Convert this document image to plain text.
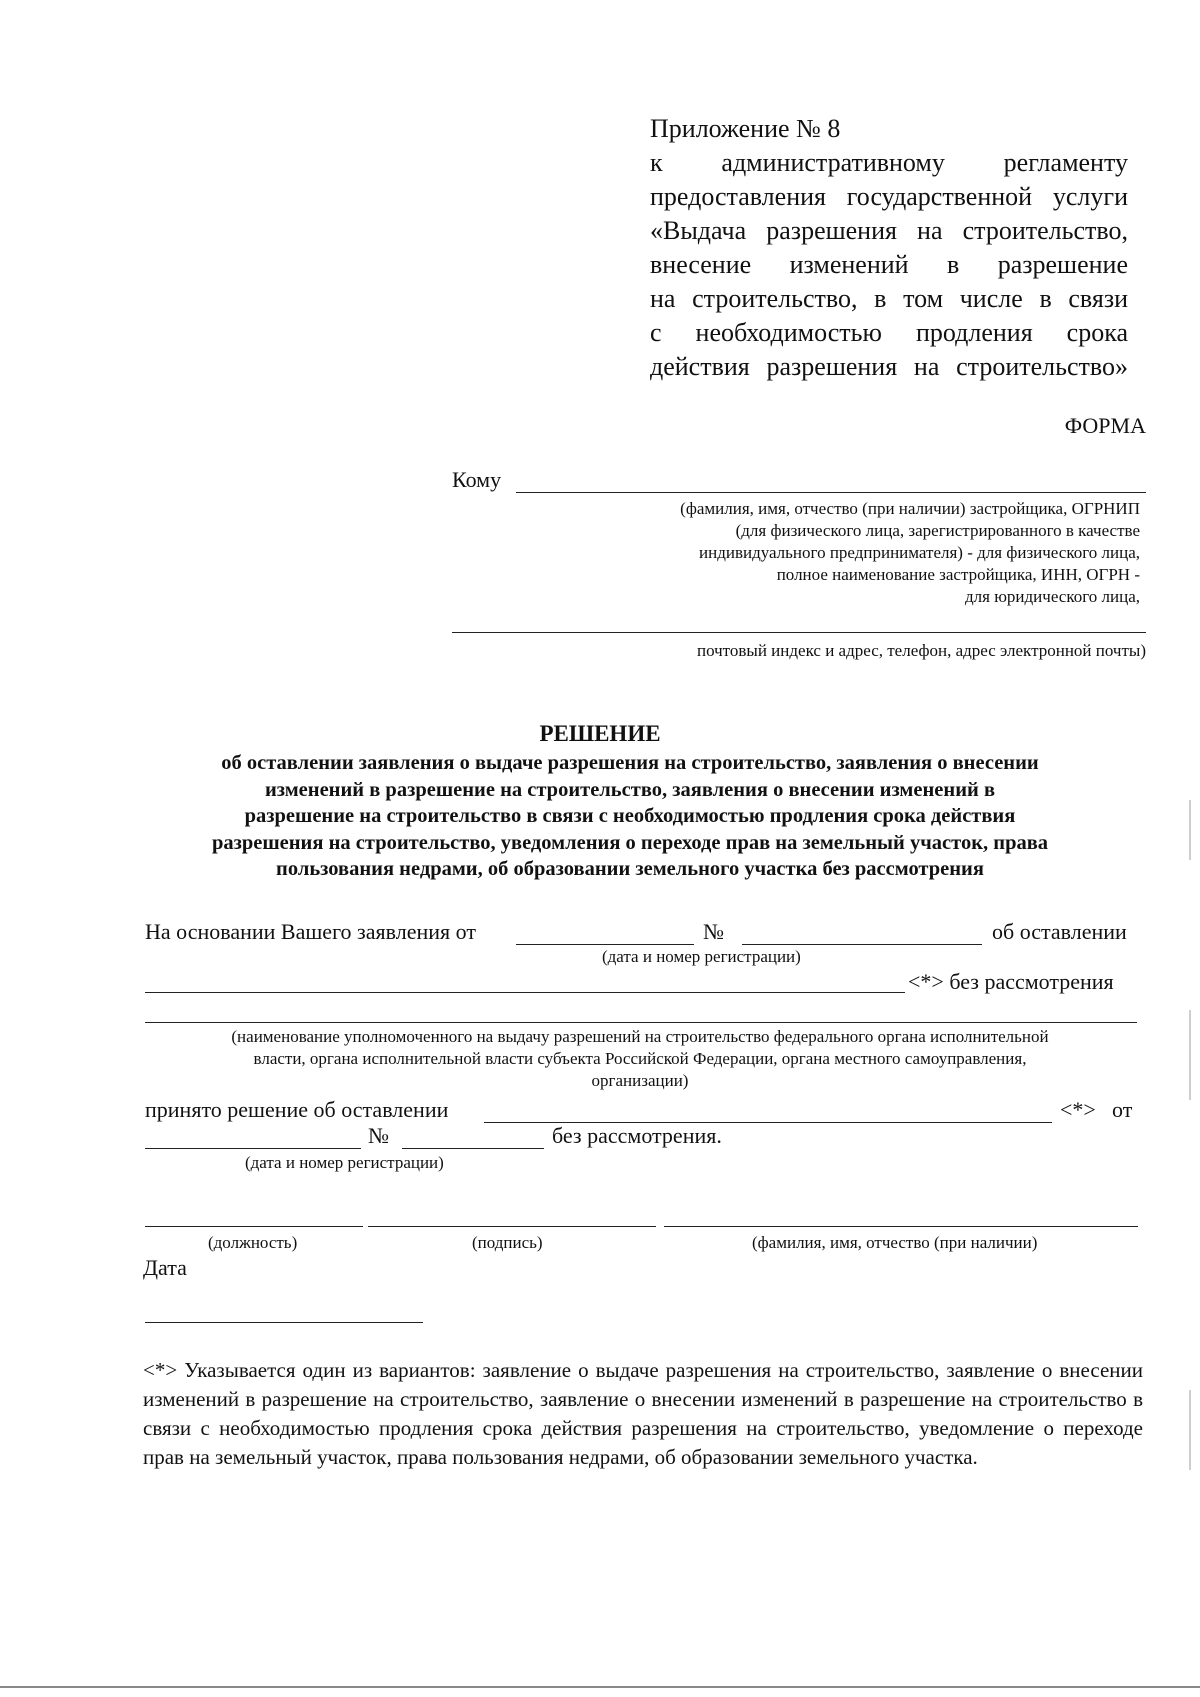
Приложение № 8
к административному регламенту
предоставления государственной услуги
«Выдача разрешения на строительство,
внесение изменений в разрешение
на строительство, в том числе в связи
с необходимостью продления срока
действия разрешения на строительство»
ФОРМА
Кому
(фамилия, имя, отчество (при наличии) застройщика, ОГРНИП
(для физического лица, зарегистрированного в качестве
индивидуального предпринимателя) - для физического лица,
полное наименование застройщика, ИНН, ОГРН -
для юридического лица,
почтовый индекс и адрес, телефон, адрес электронной почты)
РЕШЕНИЕ
об оставлении заявления о выдаче разрешения на строительство, заявления о внесении
изменений в разрешение на строительство, заявления о внесении изменений в
разрешение на строительство в связи с необходимостью продления срока действия
разрешения на строительство, уведомления о переходе прав на земельный участок, права
пользования недрами, об образовании земельного участка без рассмотрения
На основании Вашего заявления от	№	об оставлении
(дата и номер регистрации)
<*> без рассмотрения
(наименование уполномоченного на выдачу разрешений на строительство федерального органа исполнительной
власти, органа исполнительной власти субъекта Российской Федерации, органа местного самоуправления,
организации)
принято решение об оставлении	<*> от
№	без рассмотрения.
(дата и номер регистрации)
(должность)	(подпись)	(фамилия, имя, отчество (при наличии)
Дата
<*> Указывается один из вариантов: заявление о выдаче разрешения на строительство, заявление о внесении изменений в разрешение на строительство, заявление о внесении изменений в разрешение на строительство в связи с необходимостью продления срока действия разрешения на строительство, уведомление о переходе прав на земельный участок, права пользования недрами, об образовании земельного участка.
